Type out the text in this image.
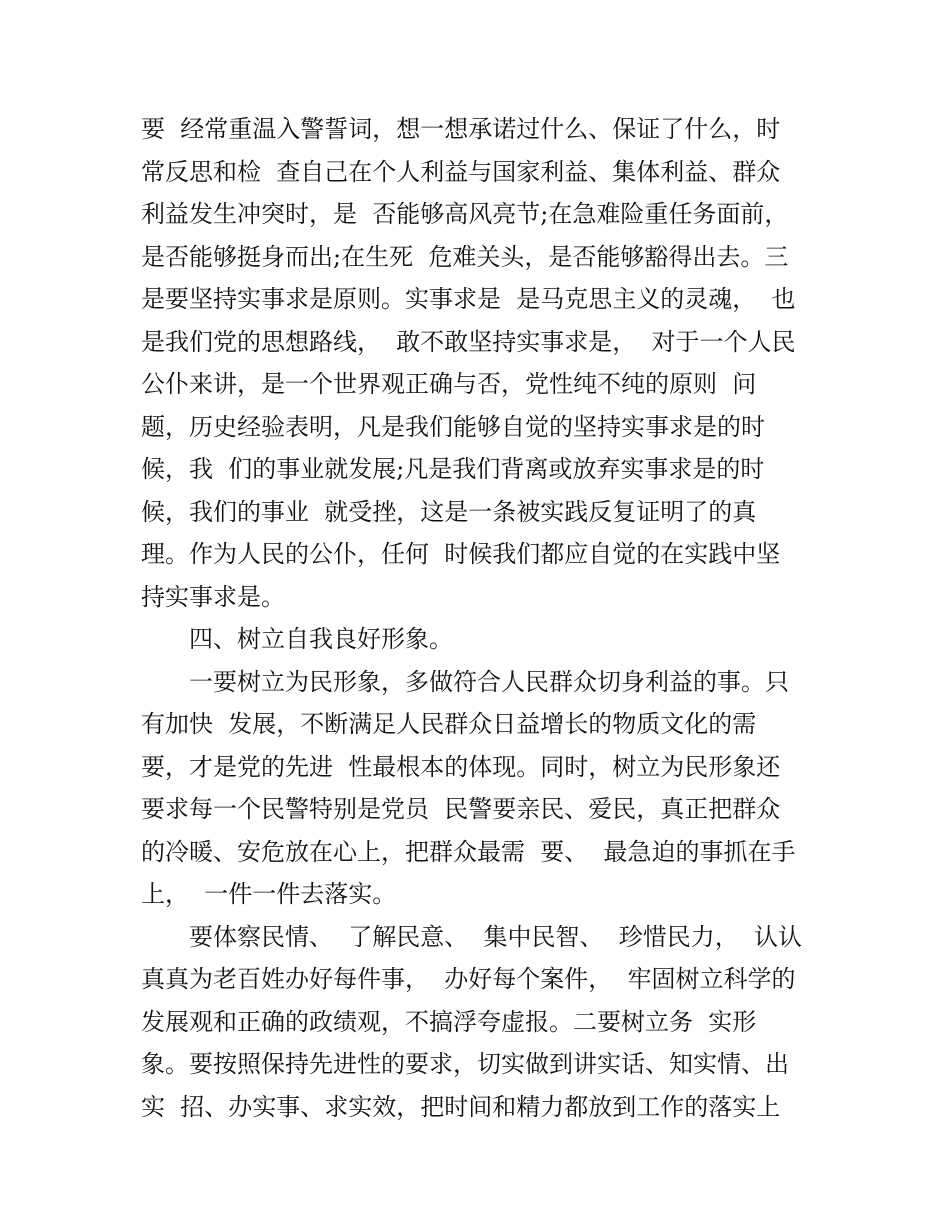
要  经常重温入警誓词，想一想承诺过什么、保证了什么，时
常反思和检  查自己在个人利益与国家利益、集体利益、群众
利益发生冲突时，是  否能够高风亮节;在急难险重任务面前，
是否能够挺身而出;在生死  危难关头，是否能够豁得出去。三
是要坚持实事求是原则。实事求是  是马克思主义的灵魂，  也
是我们党的思想路线，  敢不敢坚持实事求是，  对于一个人民
公仆来讲，是一个世界观正确与否，党性纯不纯的原则  问
题，历史经验表明，凡是我们能够自觉的坚持实事求是的时
候，我  们的事业就发展;凡是我们背离或放弃实事求是的时
候，我们的事业  就受挫，这是一条被实践反复证明了的真
理。作为人民的公仆，任何  时候我们都应自觉的在实践中坚
持实事求是。
四、树立自我良好形象。
一要树立为民形象，多做符合人民群众切身利益的事。只
有加快  发展，不断满足人民群众日益增长的物质文化的需
要，才是党的先进  性最根本的体现。同时，树立为民形象还
要求每一个民警特别是党员  民警要亲民、爱民，真正把群众
的冷暖、安危放在心上，把群众最需  要、  最急迫的事抓在手
上，  一件一件去落实。
要体察民情、  了解民意、  集中民智、  珍惜民力，  认认
真真为老百姓办好每件事，  办好每个案件，  牢固树立科学的
发展观和正确的政绩观，不搞浮夸虚报。二要树立务  实形
象。要按照保持先进性的要求，切实做到讲实话、知实情、出
实  招、办实事、求实效，把时间和精力都放到工作的落实上
